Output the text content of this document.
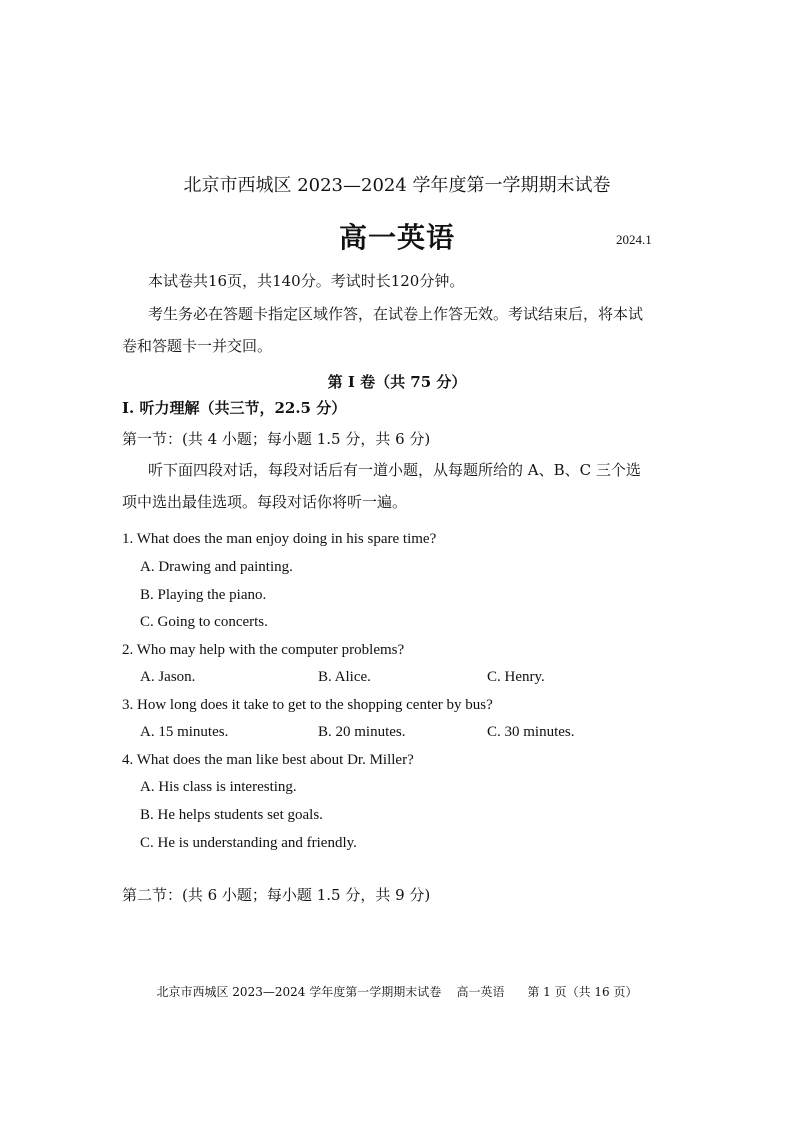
北京市西城区 2023—2024 学年度第一学期期末试卷
高一英语	2024.1
本试卷共16页，共140分。考试时长120分钟。
考生务必在答题卡指定区域作答，在试卷上作答无效。考试结束后，将本试
卷和答题卡一并交回。
第 Ⅰ 卷（共 75 分）
I. 听力理解（共三节，22.5 分）
第一节：(共 4 小题；每小题 1.5 分，共 6 分)
听下面四段对话，每段对话后有一道小题，从每题所给的 A、B、C 三个选
项中选出最佳选项。每段对话你将听一遍。
1. What does the man enjoy doing in his spare time?
A. Drawing and painting.
B. Playing the piano.
C. Going to concerts.
2. Who may help with the computer problems?
A. Jason.	B. Alice.	C. Henry.
3. How long does it take to get to the shopping center by bus?
A. 15 minutes.	B. 20 minutes.	C. 30 minutes.
4. What does the man like best about Dr. Miller?
A. His class is interesting.
B. He helps students set goals.
C. He is understanding and friendly.
第二节：(共 6 小题；每小题 1.5 分，共 9 分)
北京市西城区 2023—2024 学年度第一学期期末试卷    高一英语      第 1 页（共 16 页）
